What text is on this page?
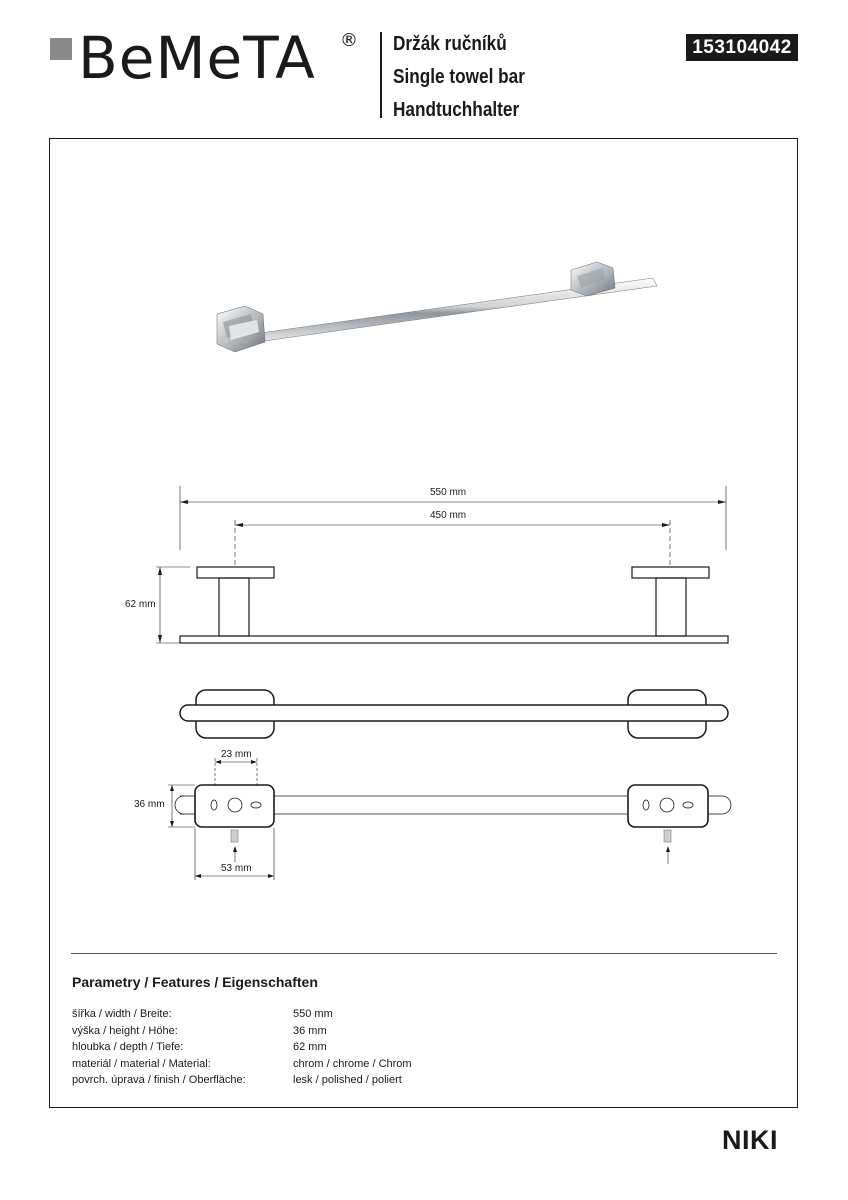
BeMeTA ® Držák ručníků
Single towel bar
Handtuchhalter
153104042
550 mm
450 mm
62 mm
23 mm
36 mm
53 mm
Parametry / Features / Eigenschaften
šířka / width / Breite:	550 mm
výška / height / Höhe:	36 mm
hloubka / depth / Tiefe:	62 mm
materiál / material / Material:	chrom / chrome / Chrom
povrch. úprava / finish / Oberfläche:	lesk / polished / poliert
NIKI
